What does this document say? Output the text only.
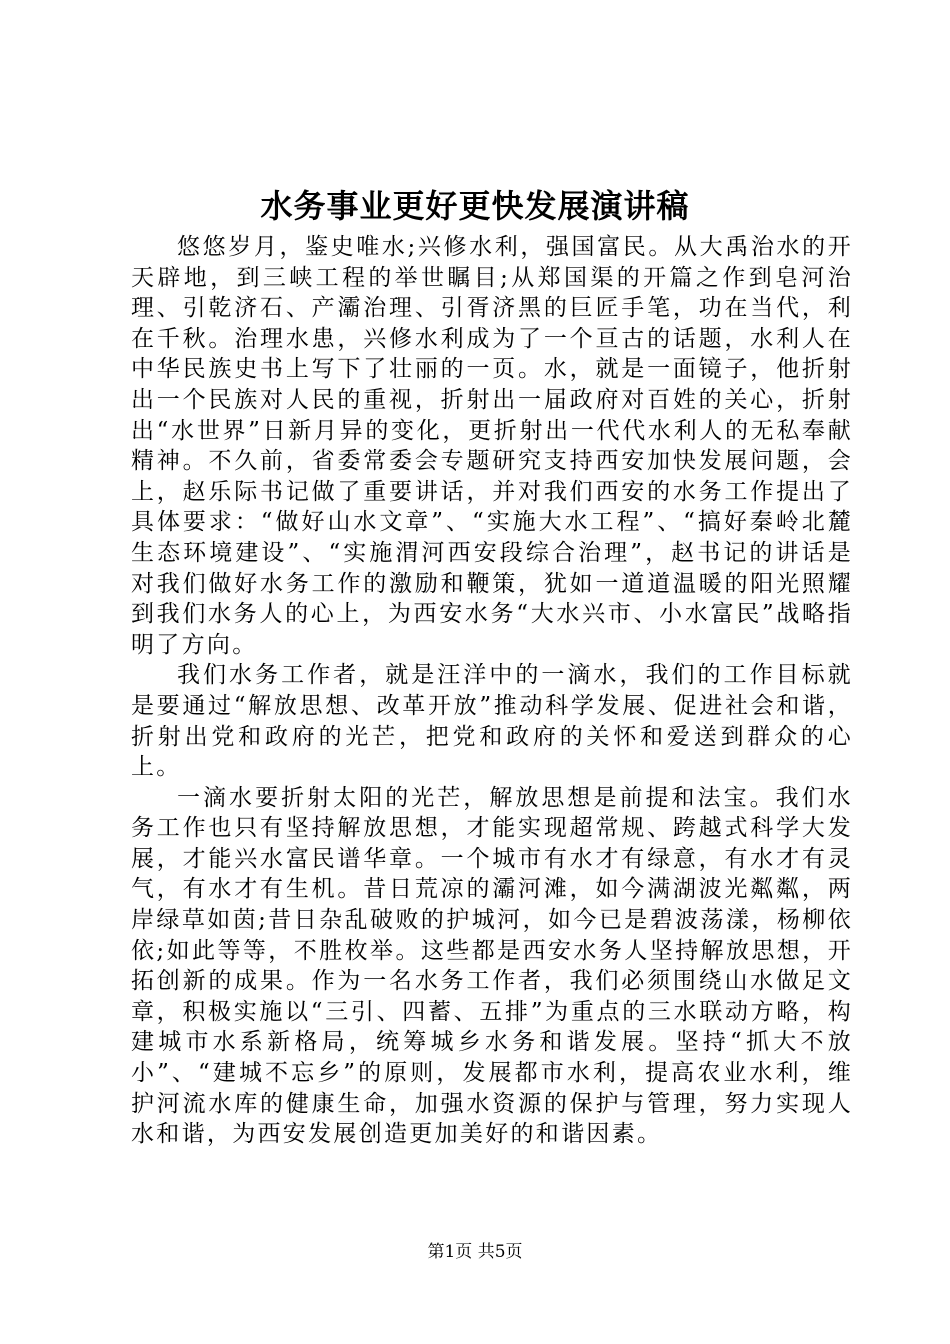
水务事业更好更快发展演讲稿

悠悠岁月，鉴史唯水;兴修水利，强国富民。从大禹治水的开天辟地，到三峡工程的举世瞩目;从郑国渠的开篇之作到皂河治理、引乾济石、产灞治理、引胥济黑的巨匠手笔，功在当代，利在千秋。治理水患，兴修水利成为了一个亘古的话题，水利人在中华民族史书上写下了壮丽的一页。水，就是一面镜子，他折射出一个民族对人民的重视，折射出一届政府对百姓的关心，折射出“水世界”日新月异的变化，更折射出一代代水利人的无私奉献精神。不久前，省委常委会专题研究支持西安加快发展问题，会上，赵乐际书记做了重要讲话，并对我们西安的水务工作提出了具体要求：“做好山水文章”、“实施大水工程”、“搞好秦岭北麓生态环境建设”、“实施渭河西安段综合治理”，赵书记的讲话是对我们做好水务工作的激励和鞭策，犹如一道道温暖的阳光照耀到我们水务人的心上，为西安水务“大水兴市、小水富民”战略指明了方向。

我们水务工作者，就是汪洋中的一滴水，我们的工作目标就是要通过“解放思想、改革开放”推动科学发展、促进社会和谐，折射出党和政府的光芒，把党和政府的关怀和爱送到群众的心上。

一滴水要折射太阳的光芒，解放思想是前提和法宝。我们水务工作也只有坚持解放思想，才能实现超常规、跨越式科学大发展，才能兴水富民谱华章。一个城市有水才有绿意，有水才有灵气，有水才有生机。昔日荒凉的灞河滩，如今满湖波光粼粼，两岸绿草如茵;昔日杂乱破败的护城河，如今已是碧波荡漾，杨柳依依;如此等等，不胜枚举。这些都是西安水务人坚持解放思想，开拓创新的成果。作为一名水务工作者，我们必须围绕山水做足文章，积极实施以“三引、四蓄、五排”为重点的三水联动方略，构建城市水系新格局，统筹城乡水务和谐发展。坚持“抓大不放小”、“建城不忘乡”的原则，发展都市水利，提高农业水利，维护河流水库的健康生命，加强水资源的保护与管理，努力实现人水和谐，为西安发展创造更加美好的和谐因素。

第1页 共5页
